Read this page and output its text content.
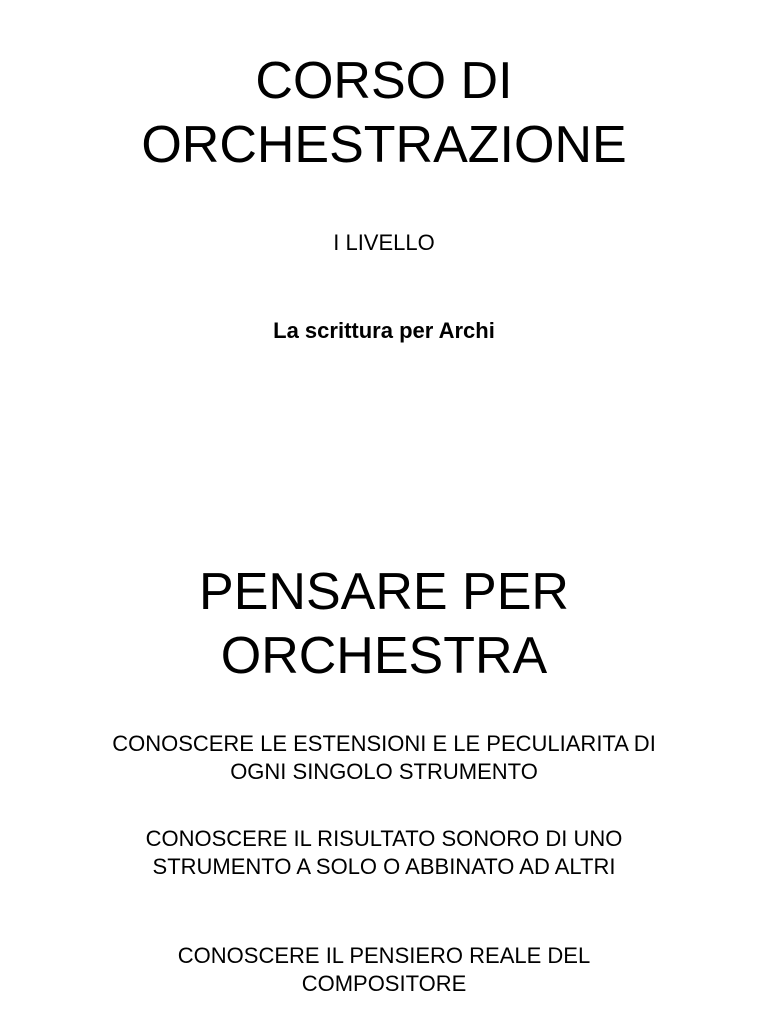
CORSO DI
ORCHESTRAZIONE
I LIVELLO
La scrittura per Archi
PENSARE PER
ORCHESTRA
CONOSCERE LE ESTENSIONI E LE PECULIARITA DI
OGNI SINGOLO STRUMENTO
CONOSCERE IL RISULTATO SONORO DI UNO
STRUMENTO A SOLO O ABBINATO AD ALTRI
CONOSCERE IL PENSIERO REALE DEL
COMPOSITORE
